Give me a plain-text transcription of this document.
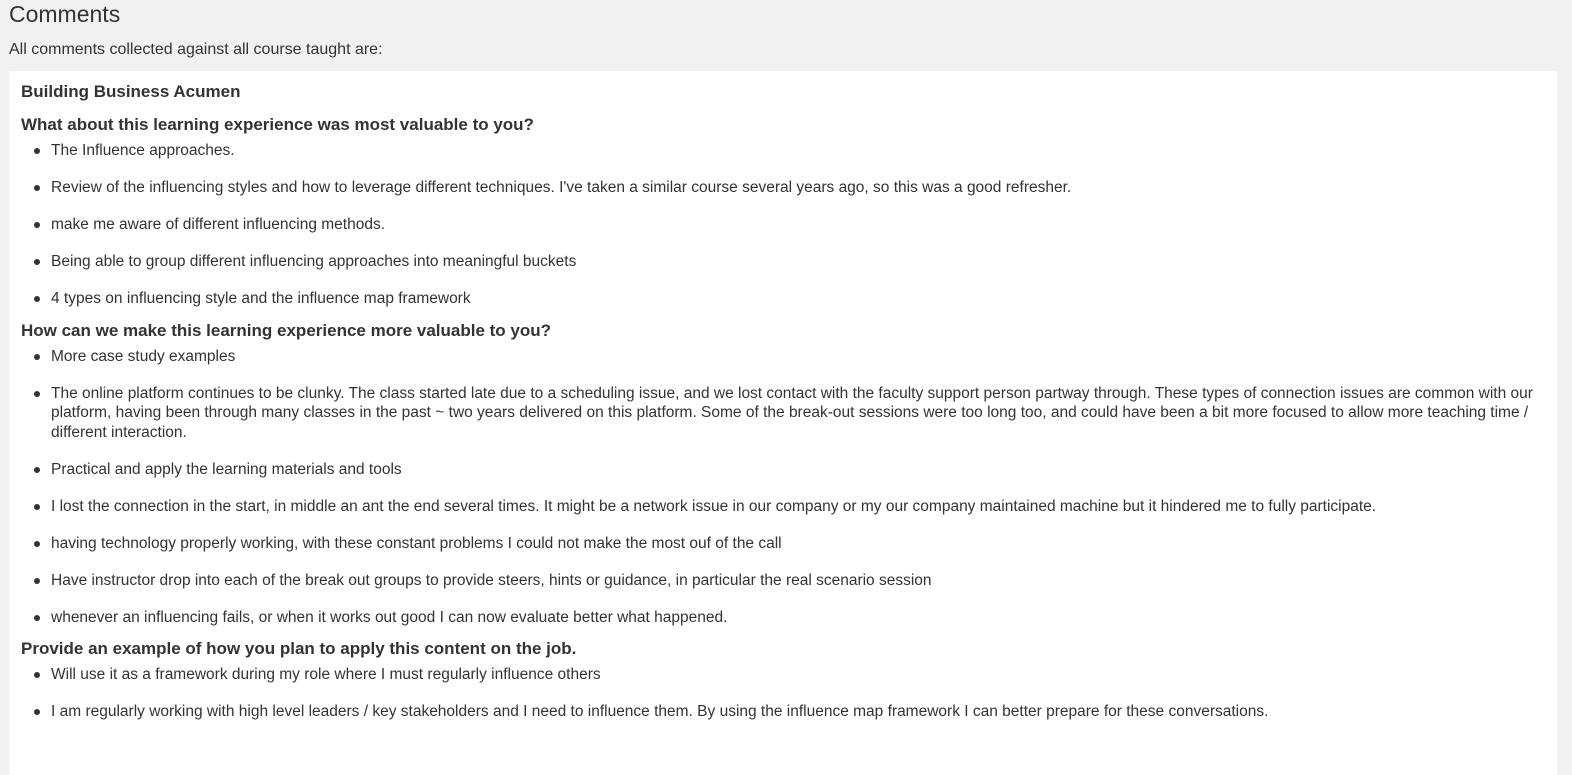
Comments

All comments collected against all course taught are:

Building Business Acumen
What about this learning experience was most valuable to you?
The Influence approaches.
Review of the influencing styles and how to leverage different techniques. I've taken a similar course several years ago, so this was a good refresher.
make me aware of different influencing methods.
Being able to group different influencing approaches into meaningful buckets
4 types on influencing style and the influence map framework
How can we make this learning experience more valuable to you?
More case study examples
The online platform continues to be clunky. The class started late due to a scheduling issue, and we lost contact with the faculty support person partway through. These types of connection issues are common with our platform, having been through many classes in the past ~ two years delivered on this platform. Some of the break-out sessions were too long too, and could have been a bit more focused to allow more teaching time / different interaction.
Practical and apply the learning materials and tools
I lost the connection in the start, in middle an ant the end several times. It might be a network issue in our company or my our company maintained machine but it hindered me to fully participate.
having technology properly working, with these constant problems I could not make the most ouf of the call
Have instructor drop into each of the break out groups to provide steers, hints or guidance, in particular the real scenario session
whenever an influencing fails, or when it works out good I can now evaluate better what happened.
Provide an example of how you plan to apply this content on the job.
Will use it as a framework during my role where I must regularly influence others
I am regularly working with high level leaders / key stakeholders and I need to influence them. By using the influence map framework I can better prepare for these conversations.
